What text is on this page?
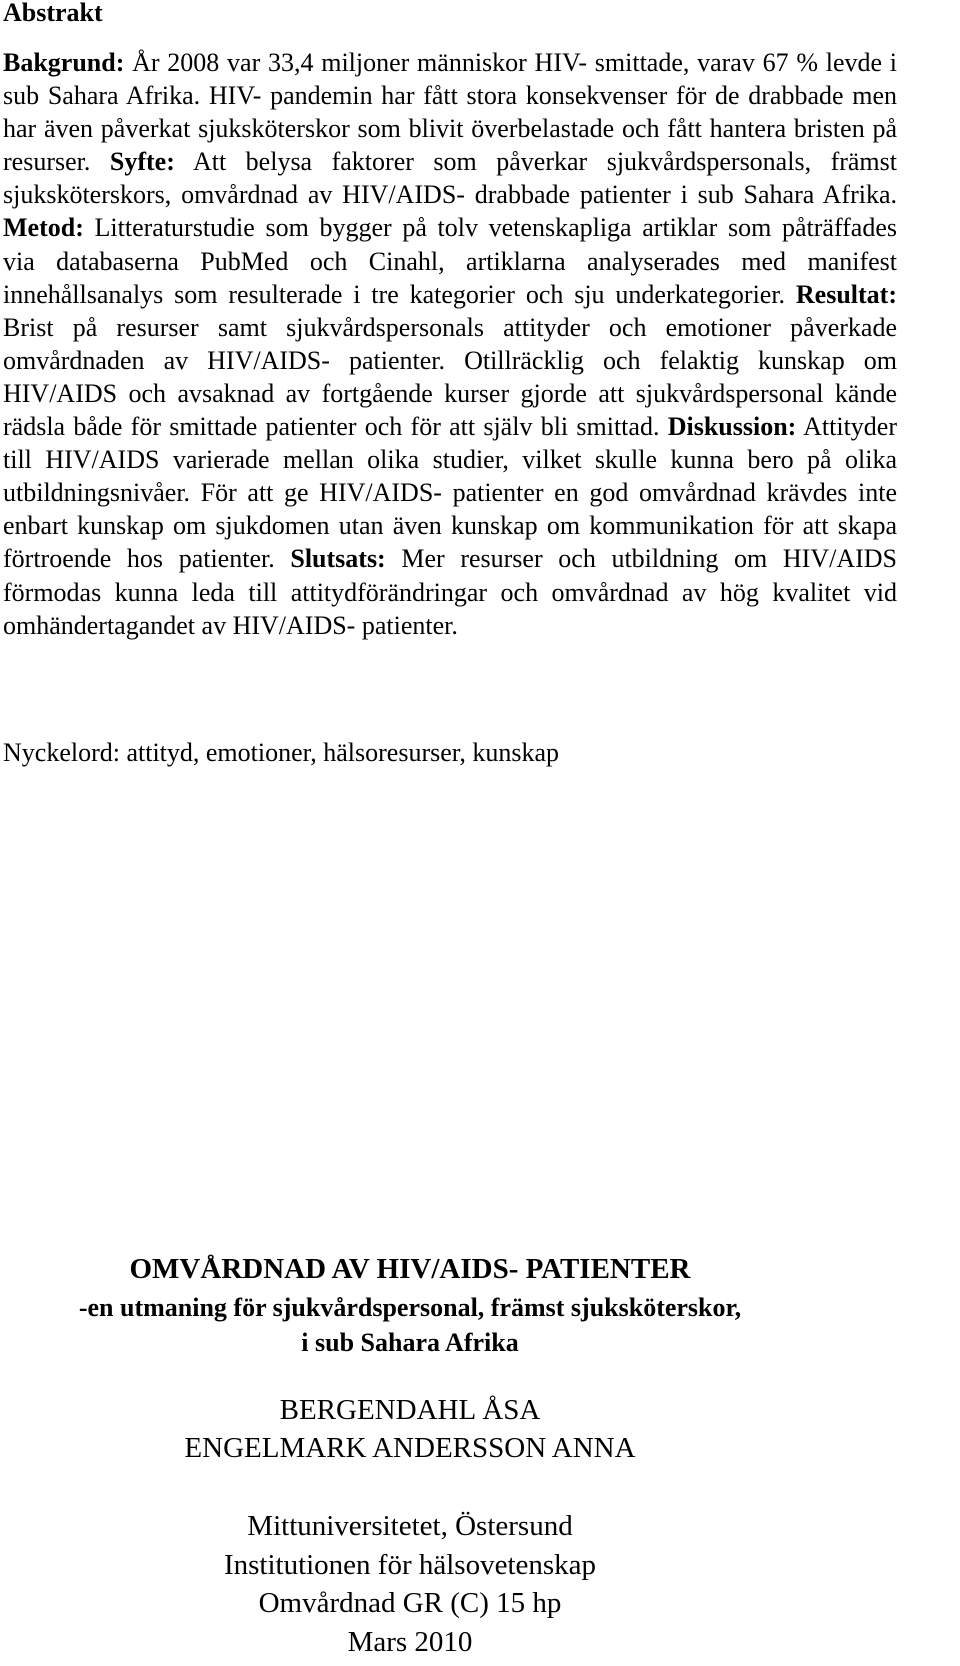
Abstrakt

Bakgrund: År 2008 var 33,4 miljoner människor HIV- smittade, varav 67 % levde i sub Sahara Afrika. HIV- pandemin har fått stora konsekvenser för de drabbade men har även påverkat sjuksköterskor som blivit överbelastade och fått hantera bristen på resurser. Syfte: Att belysa faktorer som påverkar sjukvårdspersonals, främst sjuksköterskors, omvårdnad av HIV/AIDS- drabbade patienter i sub Sahara Afrika. Metod: Litteraturstudie som bygger på tolv vetenskapliga artiklar som påträffades via databaserna PubMed och Cinahl, artiklarna analyserades med manifest innehållsanalys som resulterade i tre kategorier och sju underkategorier. Resultat: Brist på resurser samt sjukvårdspersonals attityder och emotioner påverkade omvårdnaden av HIV/AIDS- patienter. Otillräcklig och felaktig kunskap om HIV/AIDS och avsaknad av fortgående kurser gjorde att sjukvårdspersonal kände rädsla både för smittade patienter och för att själv bli smittad. Diskussion: Attityder till HIV/AIDS varierade mellan olika studier, vilket skulle kunna bero på olika utbildningsnivåer. För att ge HIV/AIDS- patienter en god omvårdnad krävdes inte enbart kunskap om sjukdomen utan även kunskap om kommunikation för att skapa förtroende hos patienter. Slutsats: Mer resurser och utbildning om HIV/AIDS förmodas kunna leda till attitydförändringar och omvårdnad av hög kvalitet vid omhändertagandet av HIV/AIDS- patienter.

Nyckelord: attityd, emotioner, hälsoresurser, kunskap

OMVÅRDNAD AV HIV/AIDS- PATIENTER
-en utmaning för sjukvårdspersonal, främst sjuksköterskor,
i sub Sahara Afrika
BERGENDAHL ÅSA
ENGELMARK ANDERSSON ANNA
Mittuniversitetet, Östersund
Institutionen för hälsovetenskap
Omvårdnad GR (C) 15 hp
Mars 2010
